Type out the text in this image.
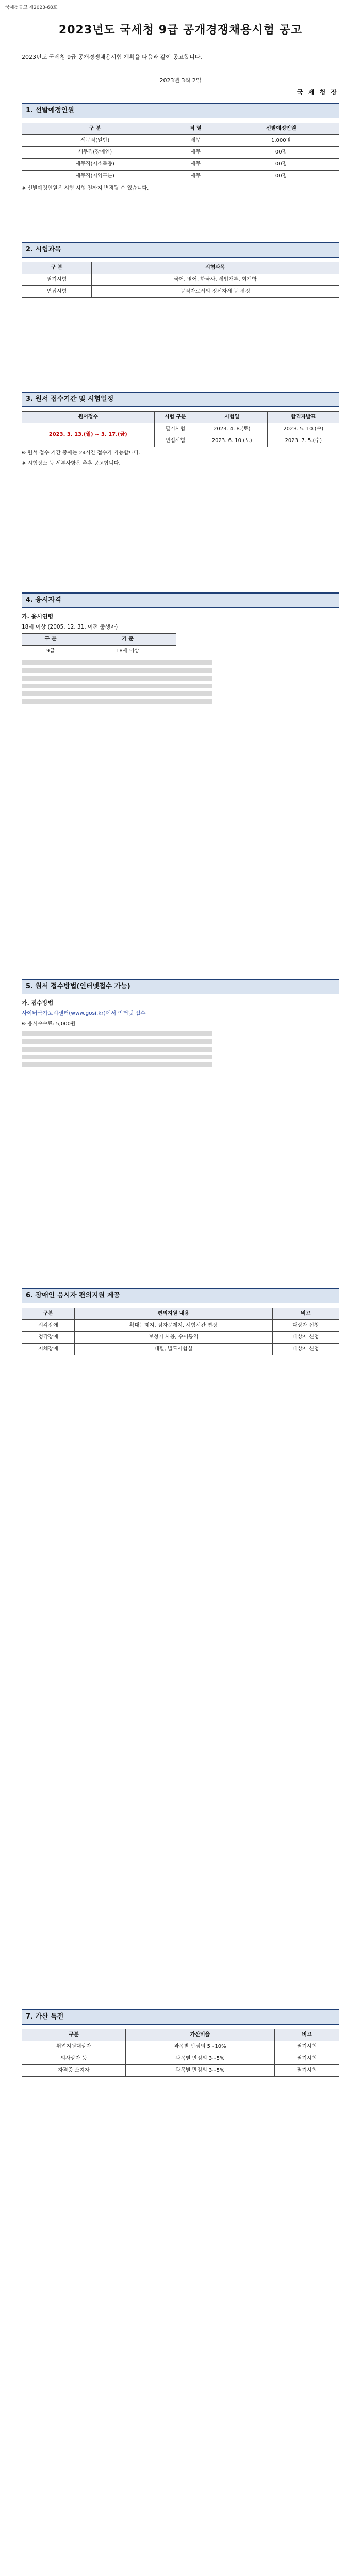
국세청공고 제2023-68호
2023년도 국세청 9급 공개경쟁채용시험 공고
2023년도 국세청 9급 공개경쟁채용시험 계획을 다음과 같이 공고합니다.
2023년 3월 2일
국 세 청 장
1. 선발예정인원
구 분	직 렬	선발예정인원
세무직(일반)	세무	1,000명
세무직(장애인)	세무	00명
세무직(저소득층)	세무	00명
세무직(지역구분)	세무	00명
※ 선발예정인원은 시험 시행 전까지 변경될 수 있습니다.
2. 시험과목
구 분	시험과목
필기시험	국어, 영어, 한국사, 세법개론, 회계학
면접시험	공직자로서의 정신자세 등 평정
3. 원서 접수기간 및 시험일정
원서접수	시험 구분	시험일	합격자발표
2023. 3. 13.(월) ~ 3. 17.(금)	필기시험	2023. 4. 8.(토)	2023. 5. 10.(수)
	면접시험	2023. 6. 10.(토)	2023. 7. 5.(수)
※ 원서 접수 기간 중에는 24시간 접수가 가능합니다.
※ 시험장소 등 세부사항은 추후 공고합니다.
4. 응시자격
가. 응시연령
18세 이상 (2005. 12. 31. 이전 출생자)
구 분	기 준
9급	18세 이상
5. 원서 접수방법(인터넷접수 가능)
가. 접수방법
사이버국가고시센터(www.gosi.kr)에서 인터넷 접수
※ 응시수수료: 5,000원
6. 장애인 응시자 편의지원 제공
구분	편의지원 내용	비고
시각장애	확대문제지, 점자문제지, 시험시간 연장	대상자 신청
청각장애	보청기 사용, 수어통역	대상자 신청
지체장애	대필, 별도시험실	대상자 신청
7. 가산 특전
구분	가산비율	비고
취업지원대상자	과목별 만점의 5~10%	필기시험
의사상자 등	과목별 만점의 3~5%	필기시험
자격증 소지자	과목별 만점의 3~5%	필기시험
